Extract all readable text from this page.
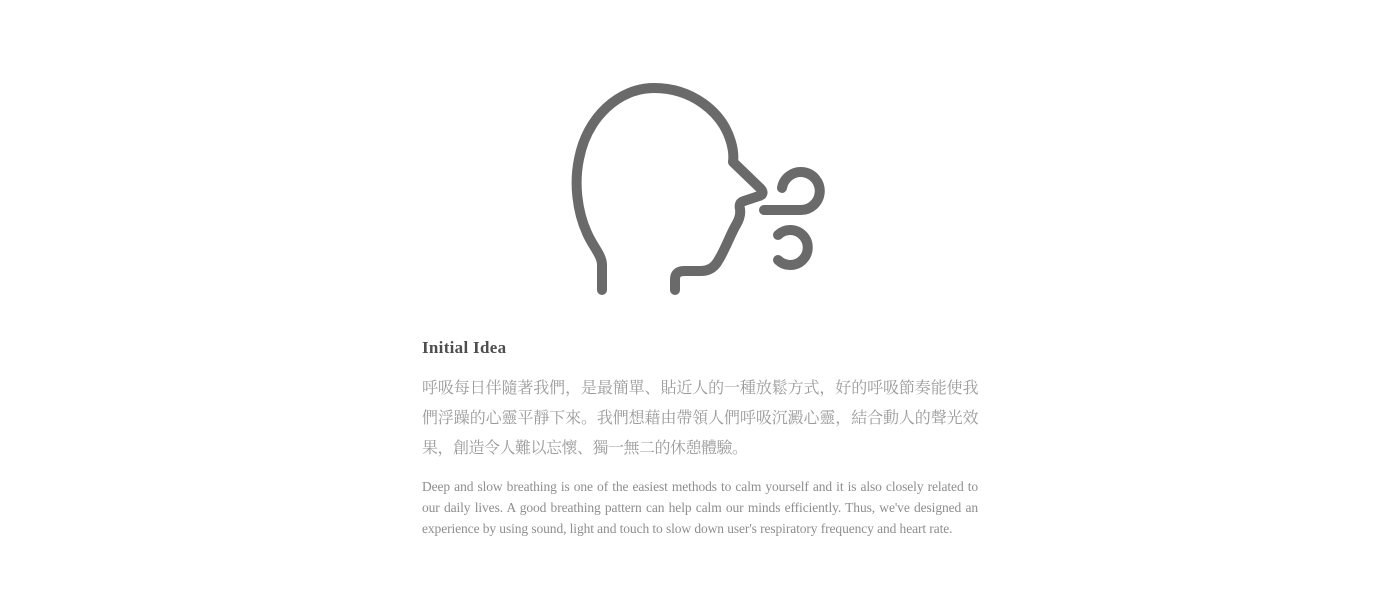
Initial Idea

呼吸每日伴隨著我們，是最簡單、貼近人的一種放鬆方式，好的呼吸節奏能使我們浮躁的心靈平靜下來。我們想藉由帶領人們呼吸沉澱心靈，結合動人的聲光效果，創造令人難以忘懷、獨一無二的休憩體驗。

Deep and slow breathing is one of the easiest methods to calm yourself and it is also closely related to our daily lives. A good breathing pattern can help calm our minds efficiently. Thus, we've designed an experience by using sound, light and touch to slow down user's respiratory frequency and heart rate.
